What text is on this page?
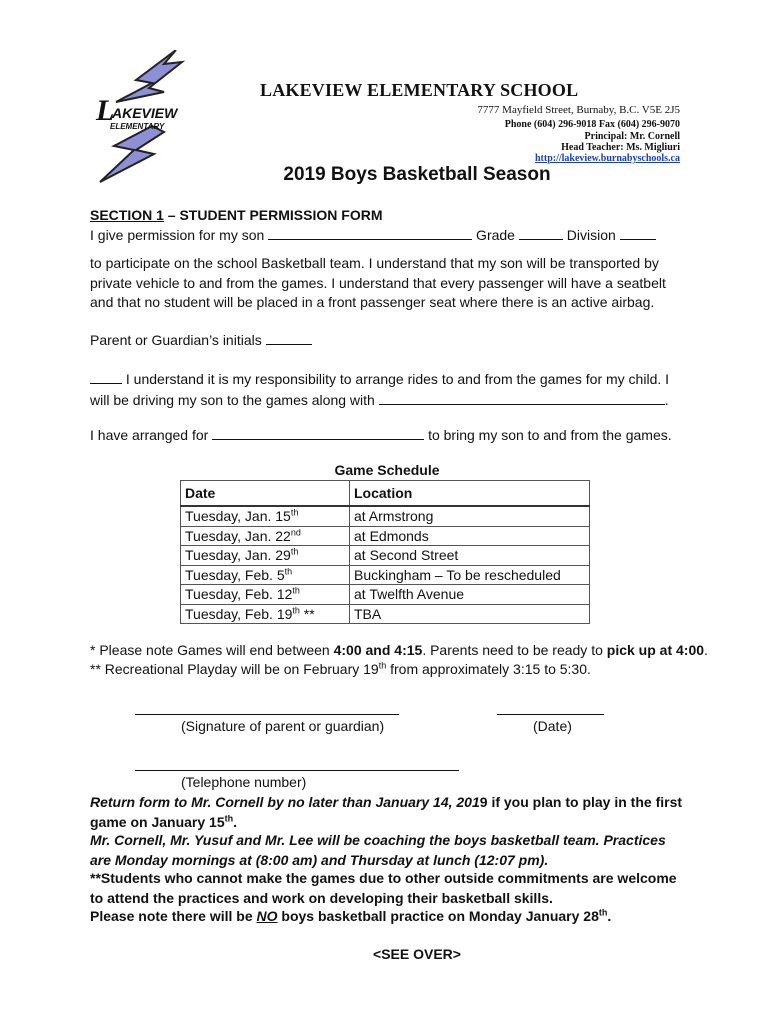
L
AKEVIEW
ELEMENTARY
LAKEVIEW ELEMENTARY SCHOOL
7777 Mayfield Street, Burnaby, B.C. V5E 2J5
Phone (604) 296-9018 Fax (604) 296-9070
Principal: Mr. Cornell
Head Teacher: Ms. Migliuri
http://lakeview.burnabyschools.ca
2019 Boys Basketball Season
SECTION 1 – STUDENT PERMISSION FORM
I give permission for my son	Grade	Division
to participate on the school Basketball team. I understand that my son will be transported by private vehicle to and from the games. I understand that every passenger will have a seatbelt and that no student will be placed in a front passenger seat where there is an active airbag.
Parent or Guardian’s initials
I understand it is my responsibility to arrange rides to and from the games for my child. I
will be driving my son to the games along with	.
I have arranged for	to bring my son to and from the games.
Game Schedule
Date	Location
Tuesday, Jan. 15th	at Armstrong
Tuesday, Jan. 22nd	at Edmonds
Tuesday, Jan. 29th	at Second Street
Tuesday, Feb. 5th	Buckingham – To be rescheduled
Tuesday, Feb. 12th	at Twelfth Avenue
Tuesday, Feb. 19th **	TBA
* Please note Games will end between 4:00 and 4:15. Parents need to be ready to pick up at 4:00.
** Recreational Playday will be on February 19th from approximately 3:15 to 5:30.
(Signature of parent or guardian)	(Date)
(Telephone number)
Return form to Mr. Cornell by no later than January 14, 2019 if you plan to play in the first
game on January 15th.
Mr. Cornell, Mr. Yusuf and Mr. Lee will be coaching the boys basketball team. Practices are Monday mornings at (8:00 am) and Thursday at lunch (12:07 pm).
**Students who cannot make the games due to other outside commitments are welcome to attend the practices and work on developing their basketball skills.
Please note there will be NO boys basketball practice on Monday January 28th.
<SEE OVER>
